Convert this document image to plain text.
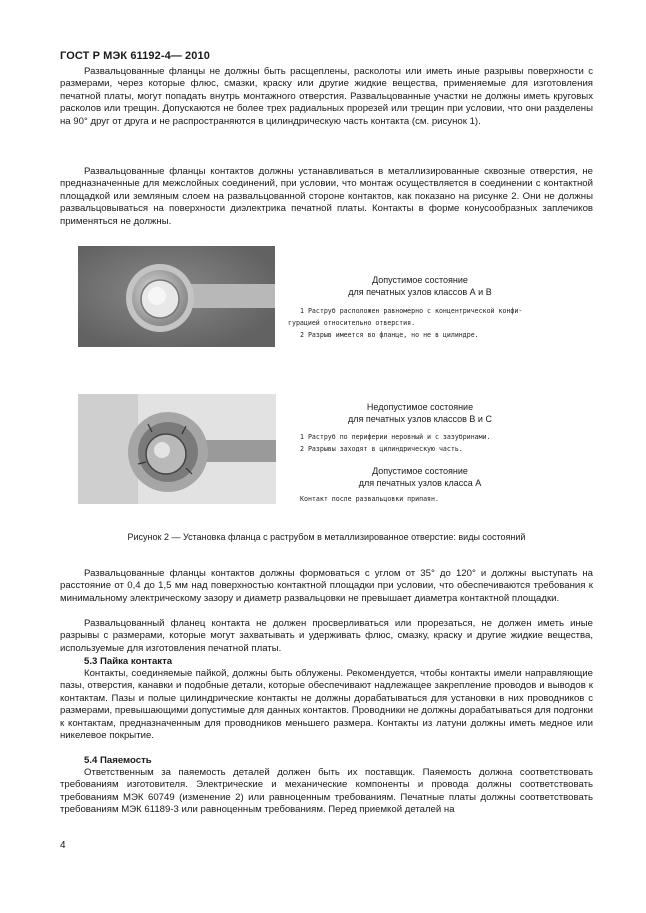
ГОСТ Р МЭК 61192-4— 2010

Развальцованные фланцы не должны быть расщеплены, расколоты или иметь иные разрывы поверхности с размерами, через которые флюс, смазки, краску или другие жидкие вещества, применяемые для изготовления печатной платы, могут попадать внутрь монтажного отверстия. Развальцованные участки не должны иметь круговых расколов или трещин. Допускаются не более трех радиальных прорезей или трещин при условии, что они разделены на 90° друг от друга и не распространяются в цилиндрическую часть контакта (см. рисунок 1).

Развальцованные фланцы контактов должны устанавливаться в металлизированные сквозные отверстия, не предназначенные для межслойных соединений, при условии, что монтаж осуществляется в соединении с контактной площадкой или земляным слоем на развальцованной стороне контактов, как показано на рисунке 2. Они не должны развальцовываться на поверхности диэлектрика печатной платы. Контакты в форме конусообразных заплечиков применяться не должны.

Допустимое состояние
для печатных узлов классов А и В
1 Раструб расположен равномерно с концентрической конфи-
гурацией относительно отверстия.
2 Разрыв имеется во фланце, но не в цилиндре.
Недопустимое состояние
для печатных узлов классов В и С
1 Раструб по периферии неровный и с зазубринами.
2 Разрывы заходят в цилиндрическую часть.
Допустимое состояние
для печатных узлов класса А
Контакт после развальцовки припаян.
Рисунок 2 — Установка фланца с раструбом в металлизированное отверстие: виды состояний

Развальцованные фланцы контактов должны формоваться с углом от 35° до 120° и должны выступать на расстояние от 0,4 до 1,5 мм над поверхностью контактной площадки при условии, что обеспечиваются требования к минимальному электрическому зазору и диаметр развальцовки не превышает диаметра контактной площадки.

Развальцованный фланец контакта не должен просверливаться или прорезаться, не должен иметь иные разрывы с размерами, которые могут захватывать и удерживать флюс, смазку, краску и другие жидкие вещества, используемые для изготовления печатной платы.

5.3 Пайка контакта

Контакты, соединяемые пайкой, должны быть облужены. Рекомендуется, чтобы контакты имели направляющие пазы, отверстия, канавки и подобные детали, которые обеспечивают надлежащее закрепление проводов и выводов к контактам. Пазы и полые цилиндрические контакты не должны дорабатываться для установки в них проводников с размерами, превышающими допустимые для данных контактов. Проводники не должны дорабатываться для подгонки к контактам, предназначенным для проводников меньшего размера. Контакты из латуни должны иметь медное или никелевое покрытие.

5.4 Паяемость

Ответственным за паяемость деталей должен быть их поставщик. Паяемость должна соответствовать требованиям изготовителя. Электрические и механические компоненты и провода должны соответствовать требованиям МЭК 60749 (изменение 2) или равноценным требованиям. Печатные платы должны соответствовать требованиям МЭК 61189-3 или равноценным требованиям. Перед приемкой деталей на

4
